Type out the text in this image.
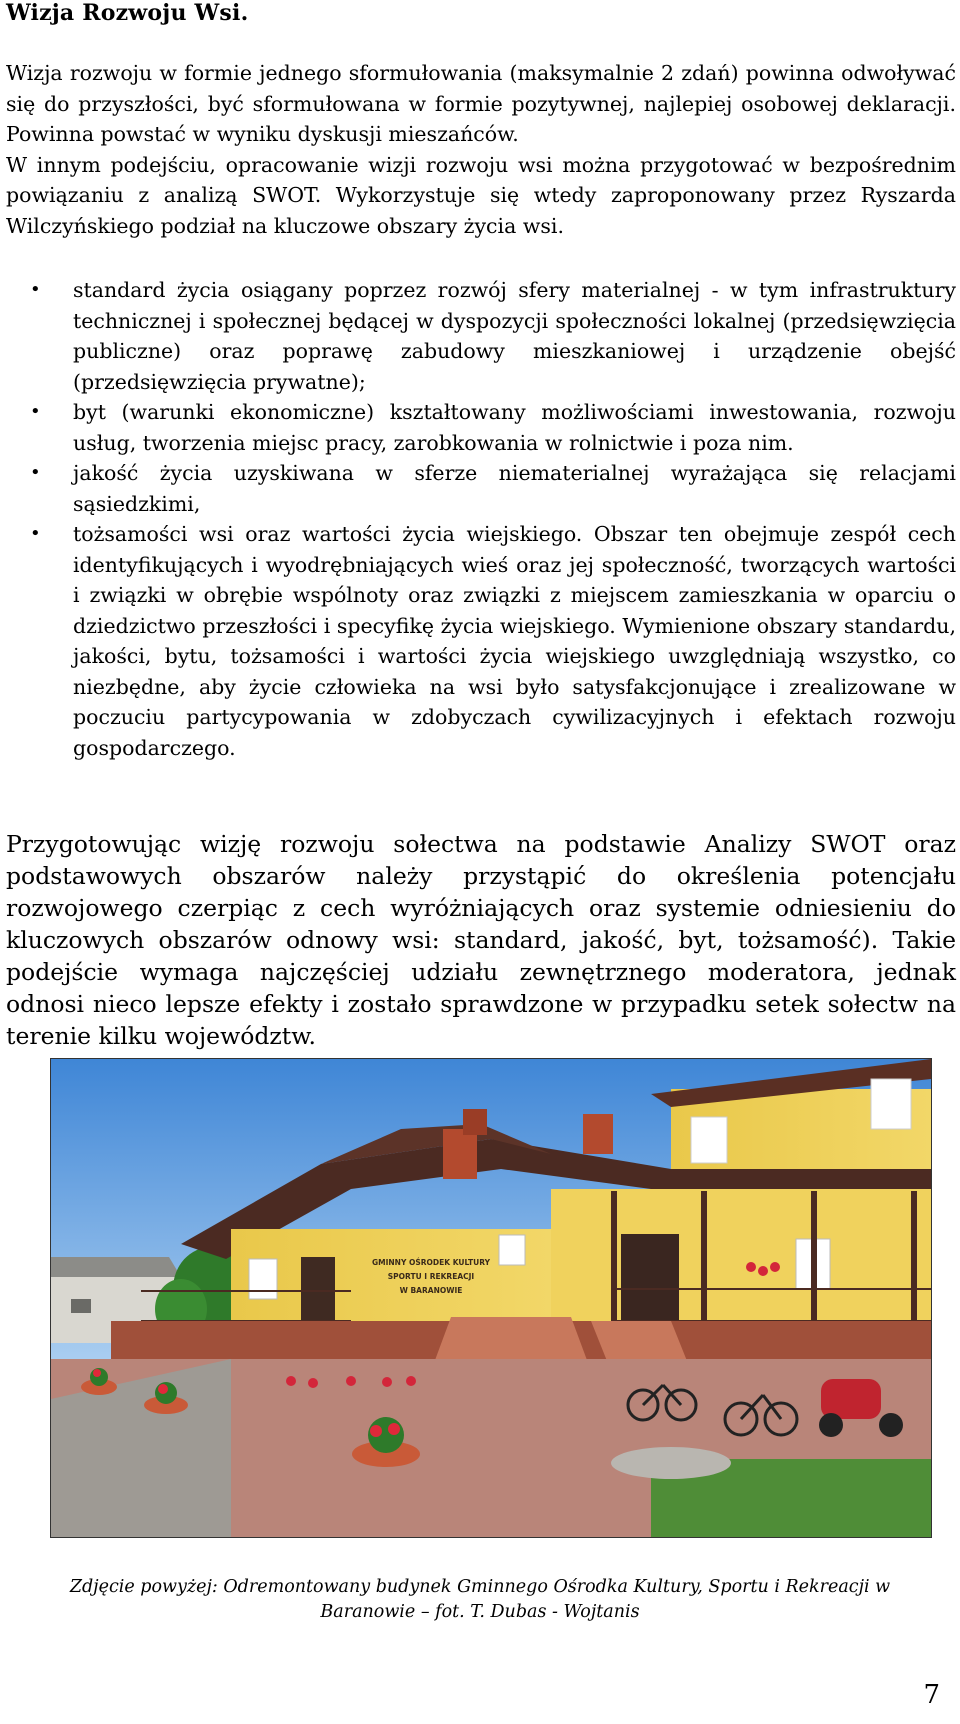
Wizja Rozwoju Wsi.

Wizja rozwoju w formie jednego sformułowania (maksymalnie 2 zdań) powinna odwoływać się do przyszłości, być sformułowana w formie pozytywnej, najlepiej osobowej deklaracji. Powinna powstać w wyniku dyskusji mieszańców.

W innym podejściu, opracowanie wizji rozwoju wsi można przygotować w bezpośrednim powiązaniu z analizą SWOT. Wykorzystuje się wtedy zaproponowany przez Ryszarda Wilczyńskiego podział na kluczowe obszary życia wsi.

• standard życia osiągany poprzez rozwój sfery materialnej - w tym infrastruktury technicznej i społecznej będącej w dyspozycji społeczności lokalnej (przedsięwzięcia publiczne) oraz poprawę zabudowy mieszkaniowej i urządzenie obejść (przedsięwzięcia prywatne);
• byt (warunki ekonomiczne) kształtowany możliwościami inwestowania, rozwoju usług, tworzenia miejsc pracy, zarobkowania w rolnictwie i poza nim.
• jakość życia uzyskiwana w sferze niematerialnej wyrażająca się relacjami sąsiedzkimi,
• tożsamości wsi oraz wartości życia wiejskiego. Obszar ten obejmuje zespół cech identyfikujących i wyodrębniających wieś oraz jej społeczność, tworzących wartości i związki w obrębie wspólnoty oraz związki z miejscem zamieszkania w oparciu o dziedzictwo przeszłości i specyfikę życia wiejskiego. Wymienione obszary standardu, jakości, bytu, tożsamości i wartości życia wiejskiego uwzględniają wszystko, co niezbędne, aby życie człowieka na wsi było satysfakcjonujące i zrealizowane w poczuciu partycypowania w zdobyczach cywilizacyjnych i efektach rozwoju gospodarczego.

Przygotowując wizję rozwoju sołectwa na podstawie Analizy SWOT oraz podstawowych obszarów należy przystąpić do określenia potencjału rozwojowego czerpiąc z cech wyróżniających oraz systemie odniesieniu do kluczowych obszarów odnowy wsi: standard, jakość, byt, tożsamość). Takie podejście wymaga najczęściej udziału zewnętrznego moderatora, jednak odnosi nieco lepsze efekty i zostało sprawdzone w przypadku setek sołectw na terenie kilku województw.

GMINNY OŚRODEK KULTURY
SPORTU I REKREACJI
W BARANOWIE
Zdjęcie powyżej: Odremontowany budynek Gminnego Ośrodka Kultury, Sportu i Rekreacji w Baranowie – fot. T. Dubas - Wojtanis
7
